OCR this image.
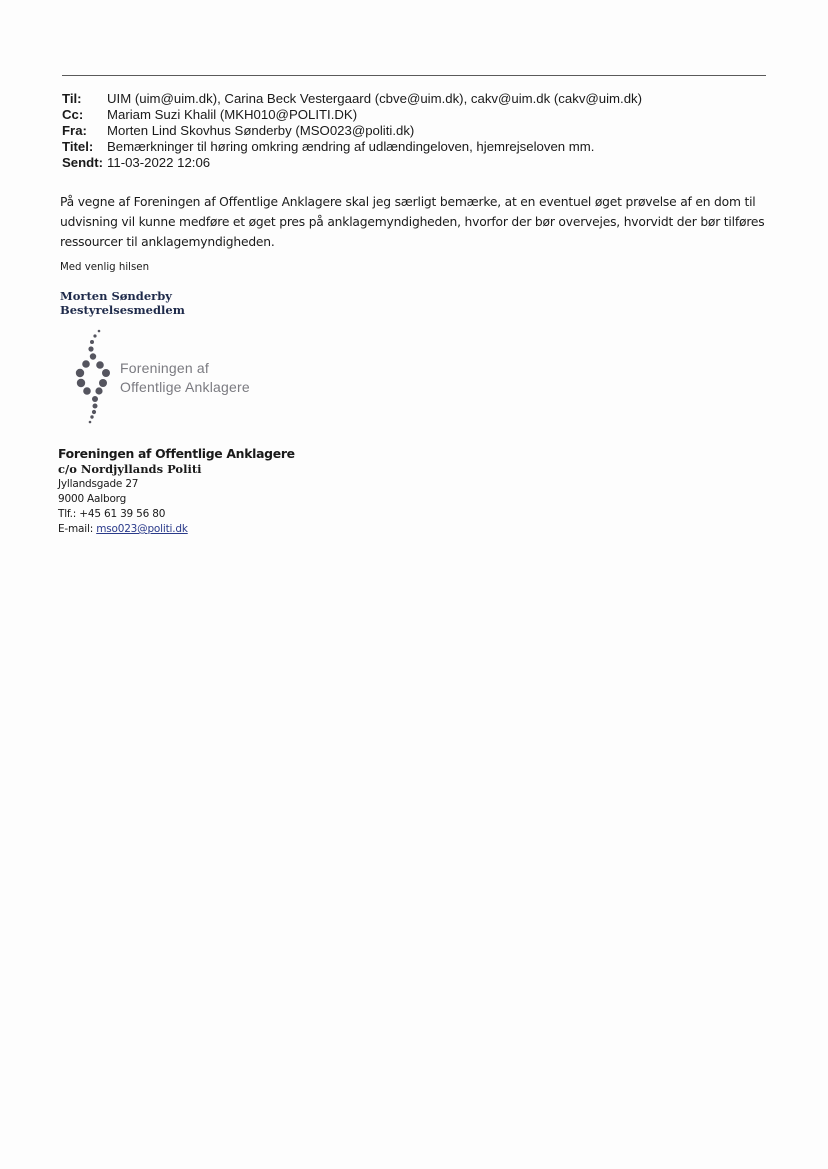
Til:	UIM (uim@uim.dk), Carina Beck Vestergaard (cbve@uim.dk), cakv@uim.dk (cakv@uim.dk)
Cc:	Mariam Suzi Khalil (MKH010@POLITI.DK)
Fra:	Morten Lind Skovhus Sønderby (MSO023@politi.dk)
Titel:	Bemærkninger til høring omkring ændring af udlændingeloven, hjemrejseloven mm.
Sendt: 11-03-2022 12:06
På vegne af Foreningen af Offentlige Anklagere skal jeg særligt bemærke, at en eventuel øget prøvelse af en dom til udvisning vil kunne medføre et øget pres på anklagemyndigheden, hvorfor der bør overvejes, hvorvidt der bør tilføres ressourcer til anklagemyndigheden.
Med venlig hilsen
Morten Sønderby
Bestyrelsesmedlem
Foreningen af
Offentlige Anklagere
Foreningen af Offentlige Anklagere
c/o Nordjyllands Politi
Jyllandsgade 27
9000 Aalborg
Tlf.: +45 61 39 56 80
E-mail: mso023@politi.dk
